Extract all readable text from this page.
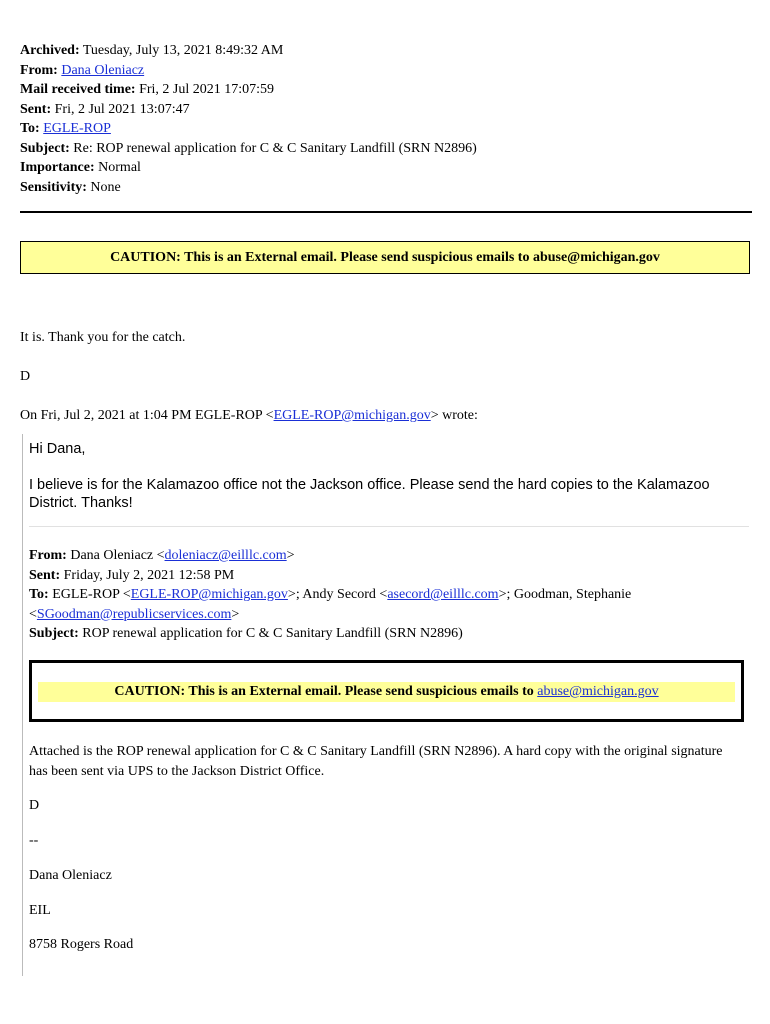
Archived: Tuesday, July 13, 2021 8:49:32 AM
From: Dana Oleniacz
Mail received time: Fri, 2 Jul 2021 17:07:59
Sent: Fri, 2 Jul 2021 13:07:47
To: EGLE-ROP
Subject: Re: ROP renewal application for C & C Sanitary Landfill (SRN N2896)
Importance: Normal
Sensitivity: None
CAUTION: This is an External email. Please send suspicious emails to abuse@michigan.gov
It is. Thank you for the catch.
D
On Fri, Jul 2, 2021 at 1:04 PM EGLE-ROP <EGLE-ROP@michigan.gov> wrote:
Hi Dana,
I believe is for the Kalamazoo office not the Jackson office. Please send the hard copies to the Kalamazoo District. Thanks!
From: Dana Oleniacz <doleniacz@eilllc.com>
Sent: Friday, July 2, 2021 12:58 PM
To: EGLE-ROP <EGLE-ROP@michigan.gov>; Andy Secord <asecord@eilllc.com>; Goodman, Stephanie
<SGoodman@republicservices.com>
Subject: ROP renewal application for C & C Sanitary Landfill (SRN N2896)
CAUTION: This is an External email. Please send suspicious emails to
abuse@michigan.gov
Attached is the ROP renewal application for C & C Sanitary Landfill (SRN N2896). A hard copy with the original signature has been sent via UPS to the Jackson District Office.
D
--
Dana Oleniacz
EIL
8758 Rogers Road
